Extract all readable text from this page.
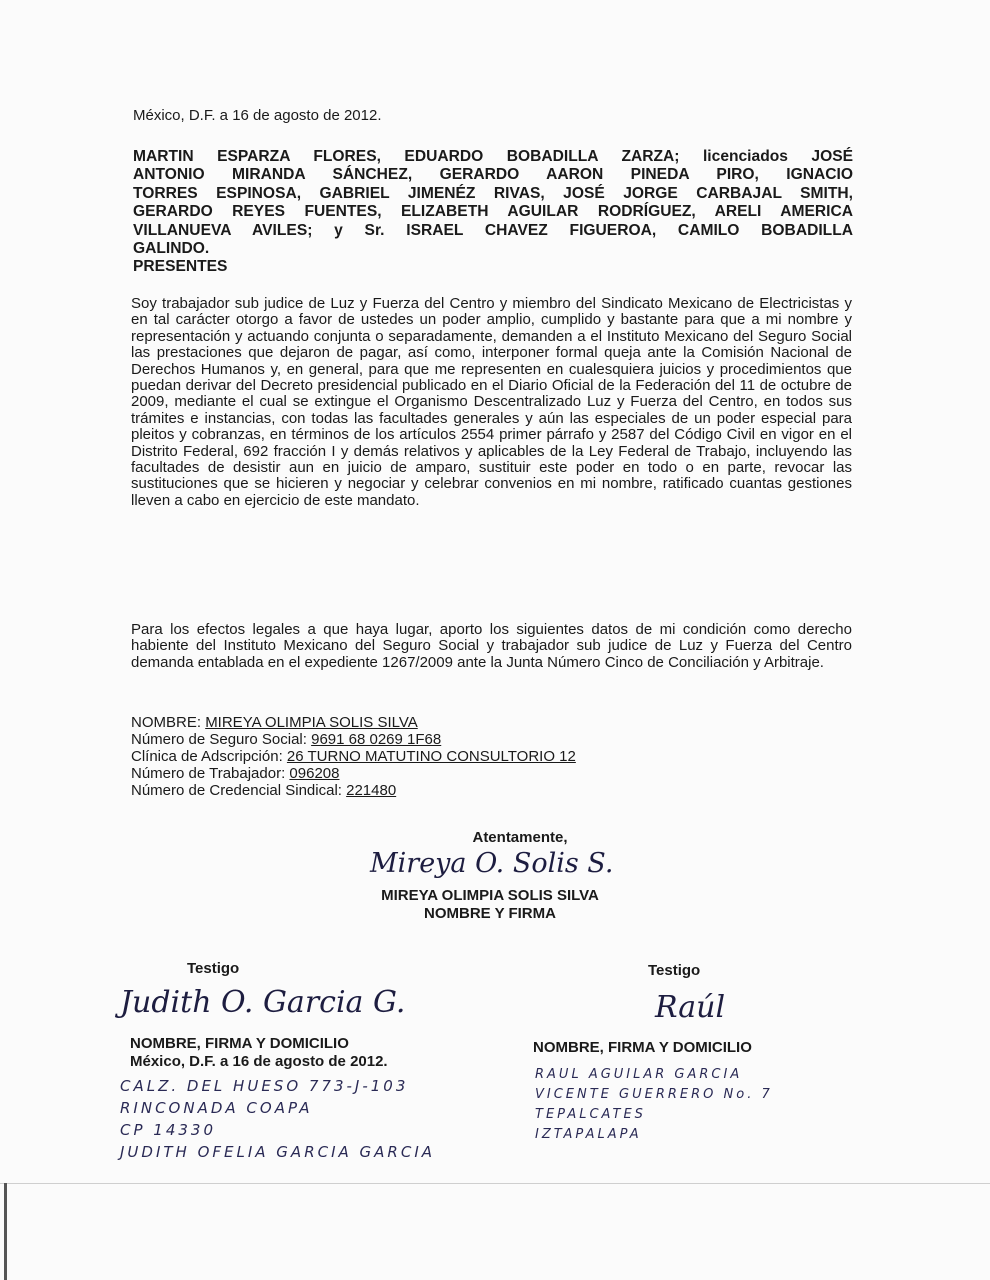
México, D.F. a 16 de agosto de 2012.
MARTIN ESPARZA FLORES, EDUARDO BOBADILLA ZARZA; licenciados JOSÉ
ANTONIO MIRANDA SÁNCHEZ, GERARDO AARON PINEDA PIRO, IGNACIO
TORRES ESPINOSA, GABRIEL JIMENÉZ RIVAS, JOSÉ JORGE CARBAJAL SMITH,
GERARDO REYES FUENTES, ELIZABETH AGUILAR RODRÍGUEZ, ARELI AMERICA
VILLANUEVA AVILES; y Sr. ISRAEL CHAVEZ FIGUEROA, CAMILO BOBADILLA
GALINDO.
PRESENTES
Soy trabajador sub judice de Luz y Fuerza del Centro y miembro del Sindicato Mexicano de Electricistas y en tal carácter otorgo a favor de ustedes un poder amplio, cumplido y bastante para que a mi nombre y representación y actuando conjunta o separadamente, demanden a el Instituto Mexicano del Seguro Social las prestaciones que dejaron de pagar, así como, interponer formal queja ante la Comisión Nacional de Derechos Humanos y, en general, para que me representen en cualesquiera juicios y procedimientos que puedan derivar del Decreto presidencial publicado en el Diario Oficial de la Federación del 11 de octubre de 2009, mediante el cual se extingue el Organismo Descentralizado Luz y Fuerza del Centro, en todos sus trámites e instancias, con todas las facultades generales y aún las especiales de un poder especial para pleitos y cobranzas, en términos de los artículos 2554 primer párrafo y 2587 del Código Civil en vigor en el Distrito Federal, 692 fracción I y demás relativos y aplicables de la Ley Federal de Trabajo, incluyendo las facultades de desistir aun en juicio de amparo, sustituir este poder en todo o en parte, revocar las sustituciones que se hicieren y negociar y celebrar convenios en mi nombre, ratificado cuantas gestiones lleven a cabo en ejercicio de este mandato.
Para los efectos legales a que haya lugar, aporto los siguientes datos de mi condición como derecho habiente del Instituto Mexicano del Seguro Social y trabajador sub judice de Luz y Fuerza del Centro demanda entablada en el expediente 1267/2009 ante la Junta Número Cinco de Conciliación y Arbitraje.
NOMBRE: MIREYA OLIMPIA SOLIS SILVA
Número de Seguro Social: 9691 68 0269 1F68
Clínica de Adscripción: 26 TURNO MATUTINO CONSULTORIO 12
Número de Trabajador: 096208
Número de Credencial Sindical: 221480
Atentamente,
Mireya O. Solis S.
MIREYA OLIMPIA SOLIS SILVA
NOMBRE Y FIRMA
Testigo
Judith O. Garcia G.
NOMBRE, FIRMA Y DOMICILIO
México, D.F. a 16 de agosto de 2012.
CALZ. DEL HUESO 773-J-103
RINCONADA COAPA
CP 14330
JUDITH OFELIA GARCIA GARCIA
Testigo
Raúl
NOMBRE, FIRMA Y DOMICILIO
RAUL AGUILAR GARCIA
VICENTE GUERRERO No. 7
TEPALCATES
IZTAPALAPA
